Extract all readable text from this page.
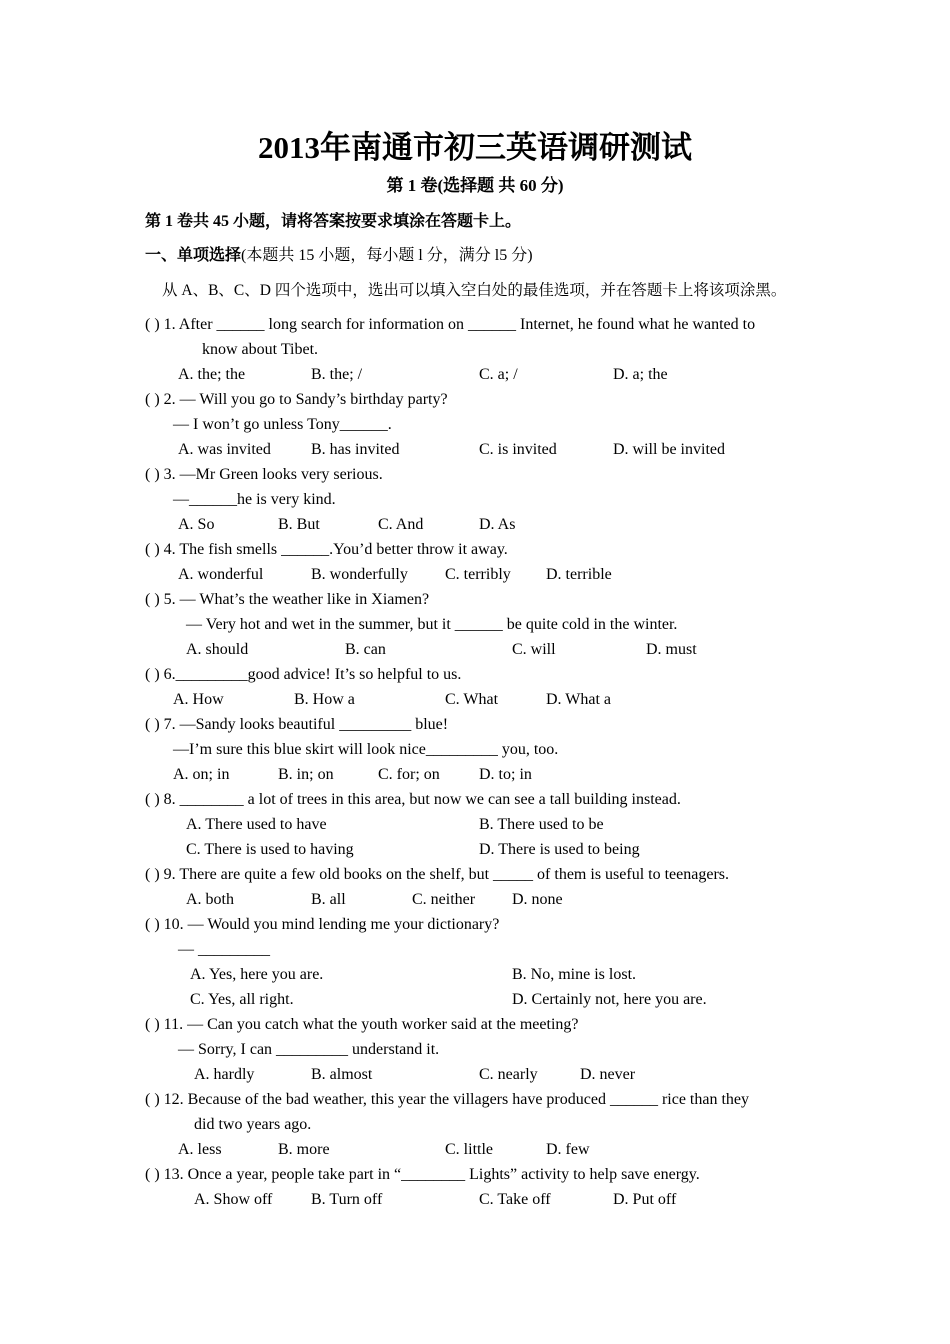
2013年南通市初三英语调研测试
第 1 卷(选择题 共 60 分)
第 1 卷共 45 小题，请将答案按要求填涂在答题卡上。
一、单项选择(本题共 15 小题，每小题 l 分，满分 l5 分)
从 A、B、C、D 四个选项中，选出可以填入空白处的最佳选项，并在答题卡上将该项涂黑。
( ) 1. After ______ long search for information on ______ Internet, he found what he wanted to
know about Tibet.
A. the; the	B. the; /	C. a; /	D. a; the
( ) 2. — Will you go to Sandy’s birthday party?
— I won’t go unless Tony______.
A. was invited	B. has invited	C. is invited	D. will be invited
( ) 3. —Mr Green looks very serious.
—______he is very kind.
A. So	B. But	C. And	D. As
( ) 4. The fish smells ______.You’d better throw it away.
A. wonderful	B. wonderfully C. terribly D. terrible
( ) 5. — What’s the weather like in Xiamen?
— Very hot and wet in the summer, but it ______ be quite cold in the winter.
A. should	B. can	C. will	D. must
( ) 6._________good advice! It’s so helpful to us.
A. How	B. How a	C. What	D. What a
( ) 7. —Sandy looks beautiful _________ blue!
—I’m sure this blue skirt will look nice_________ you, too.
A. on; in	B. in; on	C. for; on D. to; in
( ) 8. ________ a lot of trees in this area, but now we can see a tall building instead.
A. There used to have	B. There used to be
C. There is used to having	D. There is used to being
( ) 9. There are quite a few old books on the shelf, but _____ of them is useful to teenagers.
A. both	B. all	C. neither D. none
( ) 10. — Would you mind lending me your dictionary?
— _________
A. Yes, here you are.	B. No, mine is lost.
C. Yes, all right.	D. Certainly not, here you are.
( ) 11. — Can you catch what the youth worker said at the meeting?
— Sorry, I can _________ understand it.
A. hardly	B. almost	C. nearly	D. never
( ) 12. Because of the bad weather, this year the villagers have produced ______ rice than they
did two years ago.
A. less	B. more	C. little	D. few
( ) 13. Once a year, people take part in “________ Lights” activity to help save energy.
A. Show off B. Turn off	C. Take off	D. Put off
